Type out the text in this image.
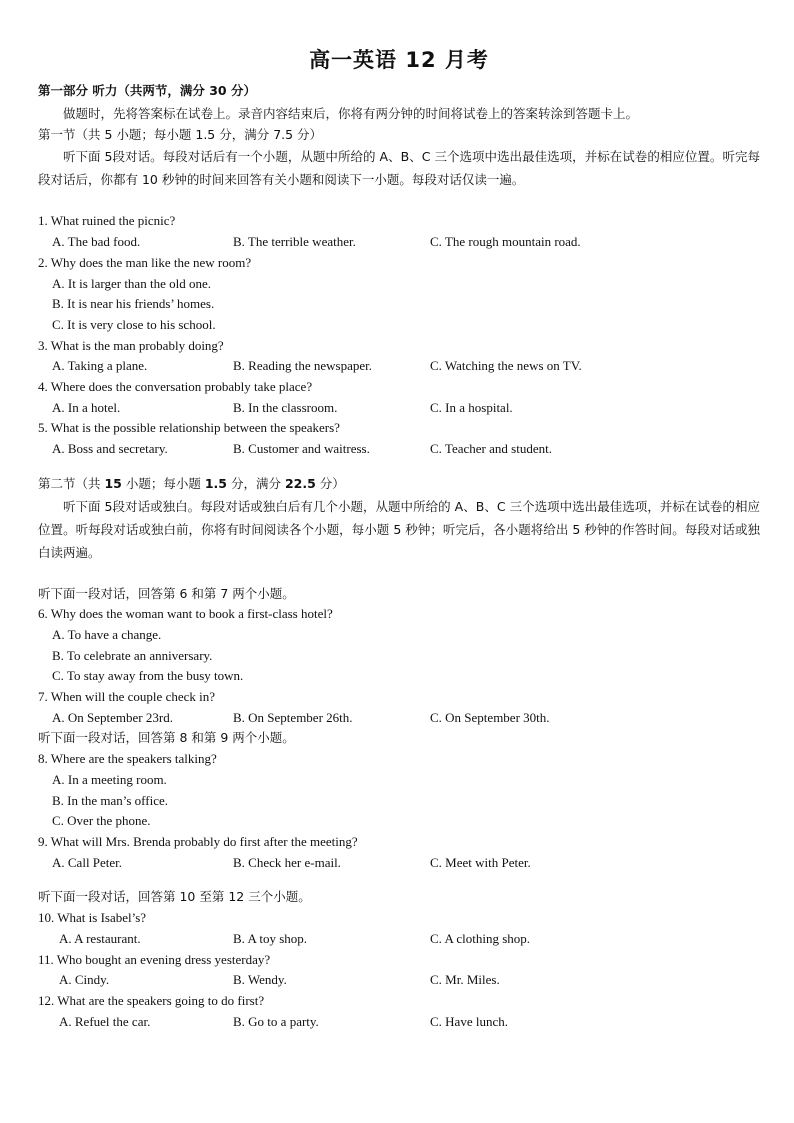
高一英语 12 月考
第一部分 听力（共两节，满分 30 分）
做题时，先将答案标在试卷上。录音内容结束后，你将有两分钟的时间将试卷上的答案转涂到答题卡上。
第一节（共 5 小题；每小题 1.5 分，满分 7.5 分）
听下面 5段对话。每段对话后有一个小题，从题中所给的 A、B、C 三个选项中选出最佳选项，并标在试卷的相应位置。听完每段对话后，你都有 10 秒钟的时间来回答有关小题和阅读下一小题。每段对话仅读一遍。
1. What ruined the picnic?
A. The bad food.	B. The terrible weather.	C. The rough mountain road.
2. Why does the man like the new room?
A. It is larger than the old one.
B. It is near his friends’ homes.
C. It is very close to his school.
3. What is the man probably doing?
A. Taking a plane.	B. Reading the newspaper.	C. Watching the news on TV.
4. Where does the conversation probably take place?
A. In a hotel.	B. In the classroom.	C. In a hospital.
5. What is the possible relationship between the speakers?
A. Boss and secretary.	B. Customer and waitress.	C. Teacher and student.
第二节（共 15 小题；每小题 1.5 分，满分 22.5 分）
听下面 5段对话或独白。每段对话或独白后有几个小题，从题中所给的 A、B、C 三个选项中选出最佳选项，并标在试卷的相应位置。听每段对话或独白前，你将有时间阅读各个小题，每小题 5 秒钟；听完后，各小题将给出 5 秒钟的作答时间。每段对话或独白读两遍。
听下面一段对话，回答第 6 和第 7 两个小题。
6. Why does the woman want to book a first-class hotel?
A. To have a change.
B. To celebrate an anniversary.
C. To stay away from the busy town.
7. When will the couple check in?
A. On September 23rd.	B. On September 26th.	C. On September 30th.
听下面一段对话，回答第 8 和第 9 两个小题。
8. Where are the speakers talking?
A. In a meeting room.
B. In the man’s office.
C. Over the phone.
9. What will Mrs. Brenda probably do first after the meeting?
A. Call Peter.	B. Check her e-mail.	C. Meet with Peter.
听下面一段对话，回答第 10 至第 12 三个小题。
10. What is Isabel’s?
A. A restaurant.	B. A toy shop.	C. A clothing shop.
11. Who bought an evening dress yesterday?
A. Cindy.	B. Wendy.	C. Mr. Miles.
12. What are the speakers going to do first?
A. Refuel the car.	B. Go to a party.	C. Have lunch.
